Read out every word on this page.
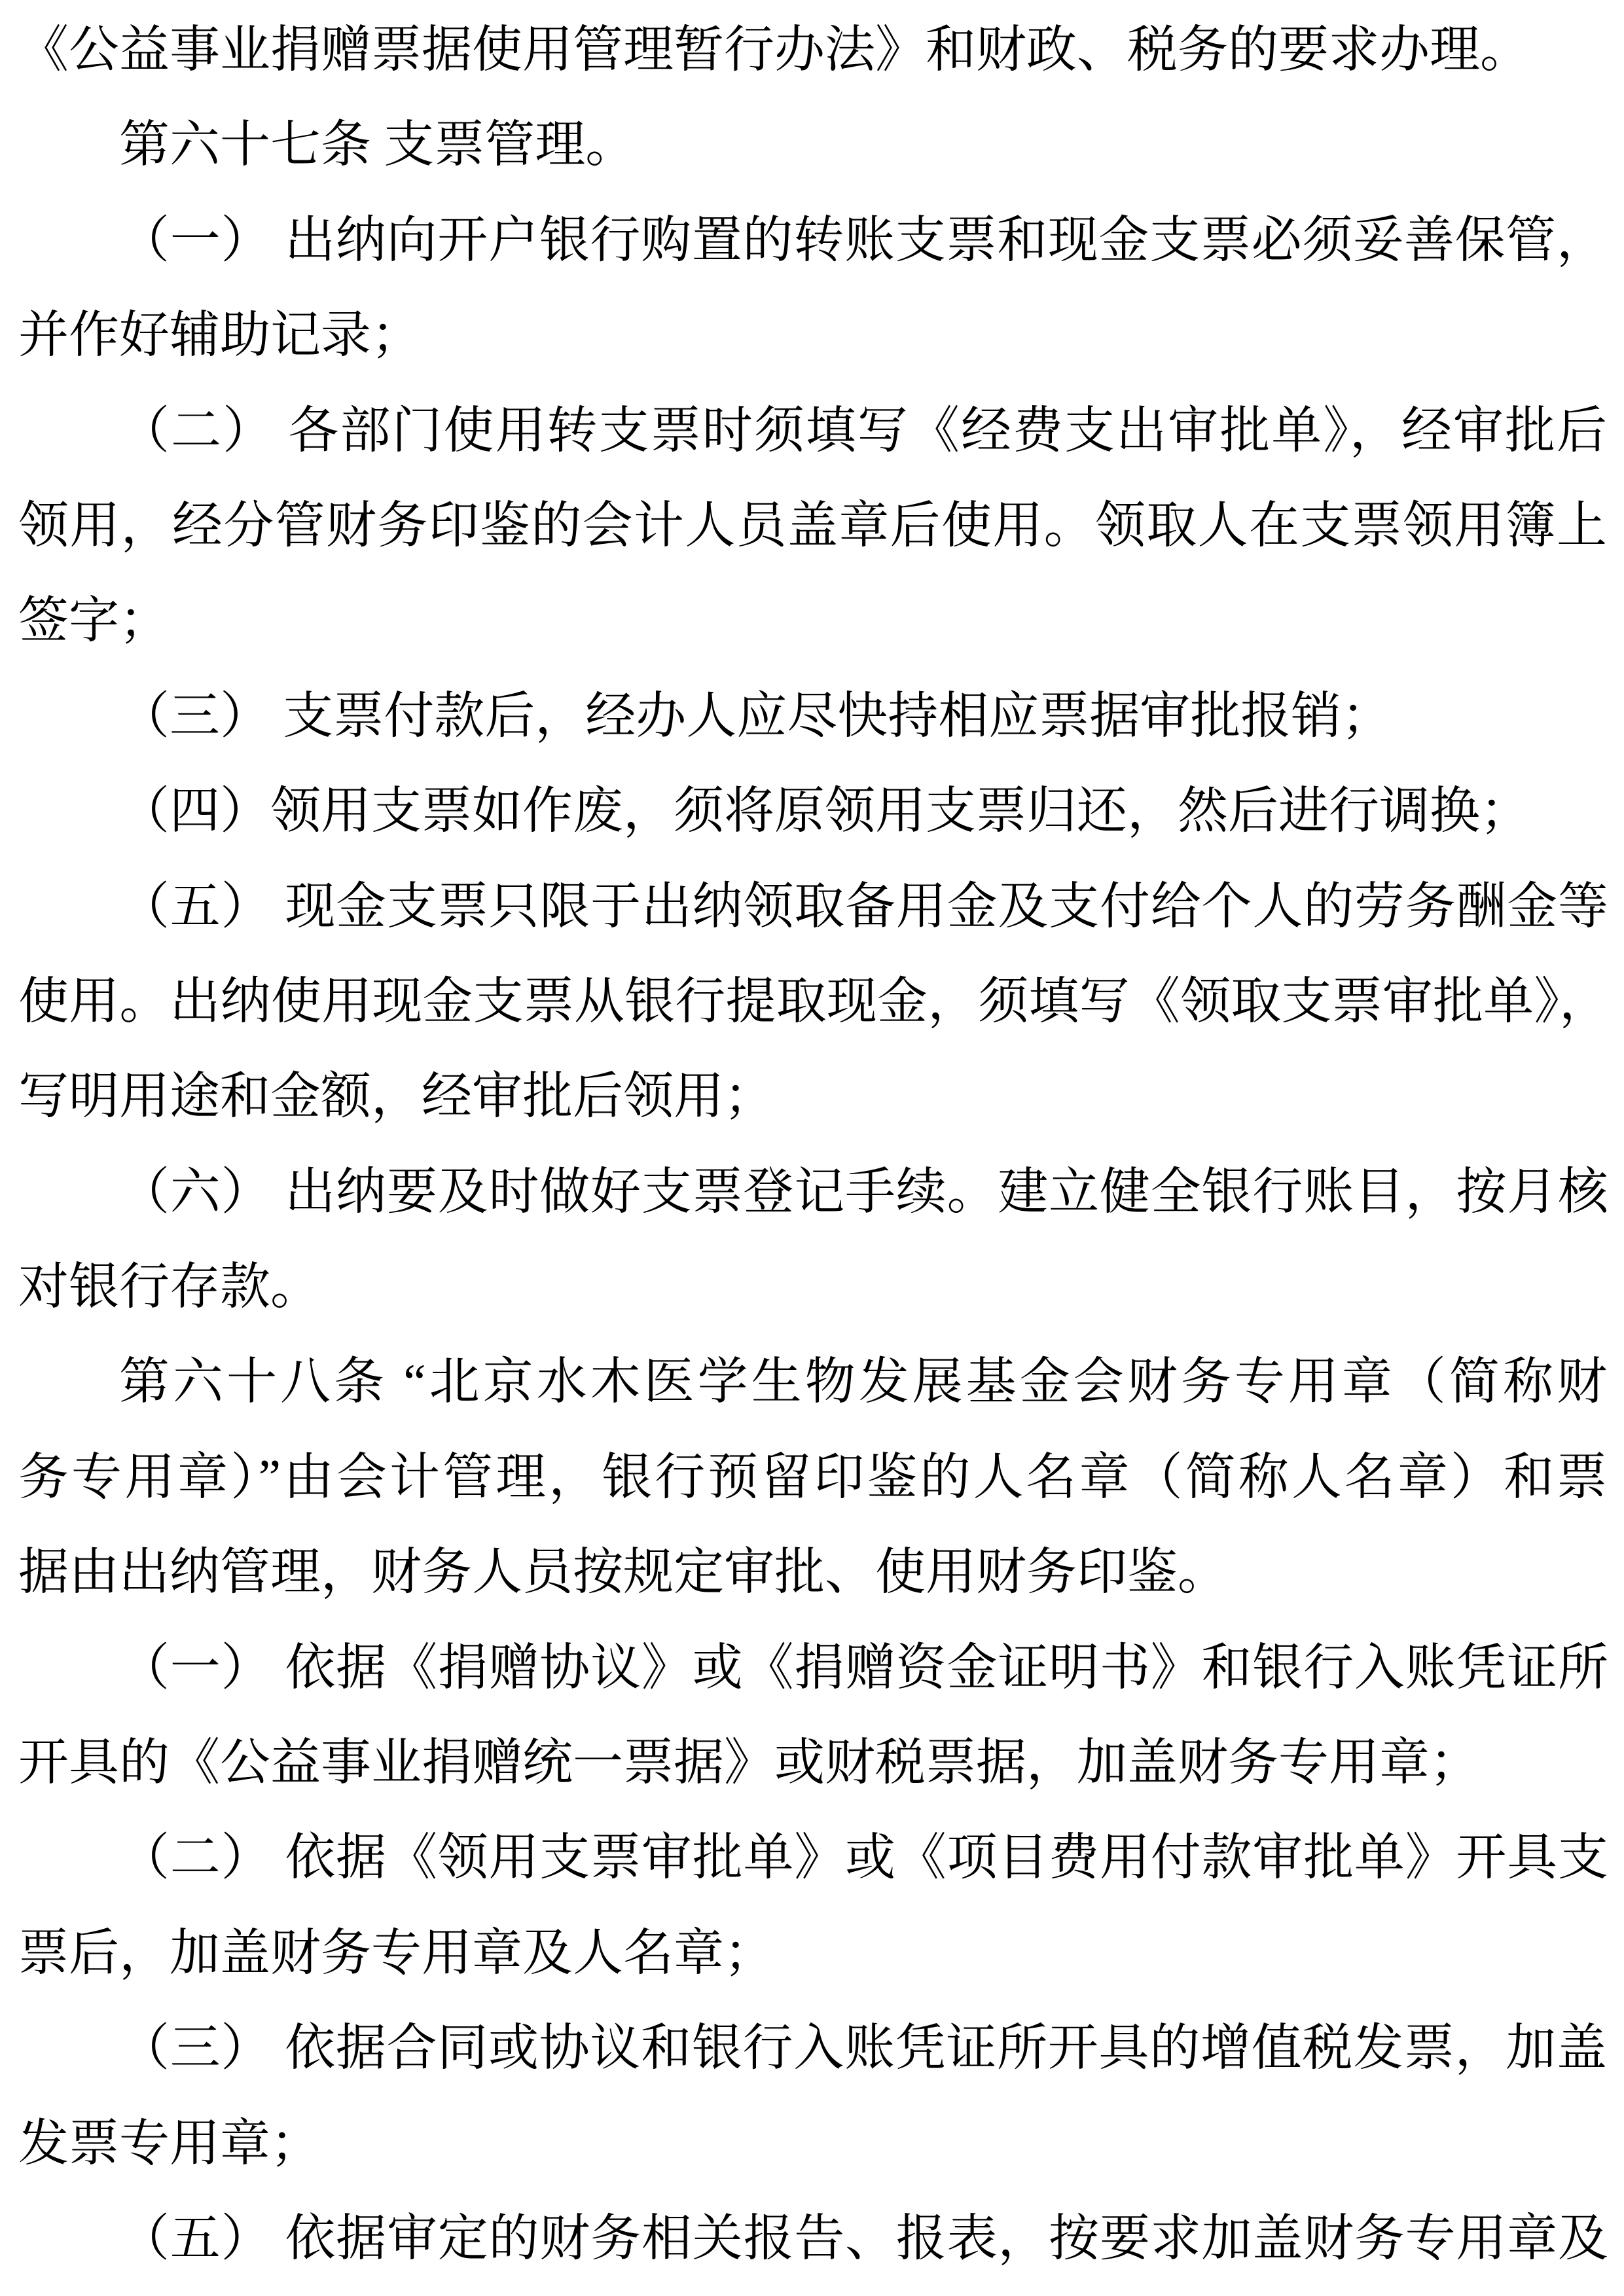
《公益事业捐赠票据使用管理暂行办法》和财政、税务的要求办理。
第六十七条 支票管理。
（一） 出纳向开户银行购置的转账支票和现金支票必须妥善保管，
并作好辅助记录；
（二） 各部门使用转支票时须填写《经费支出审批单》，经审批后
领用，经分管财务印鉴的会计人员盖章后使用。领取人在支票领用簿上
签字；
（三） 支票付款后，经办人应尽快持相应票据审批报销；
（四）领用支票如作废，须将原领用支票归还，然后进行调换；
（五） 现金支票只限于出纳领取备用金及支付给个人的劳务酬金等
使用。出纳使用现金支票从银行提取现金，须填写《领取支票审批单》，
写明用途和金额，经审批后领用；
（六） 出纳要及时做好支票登记手续。建立健全银行账目，按月核
对银行存款。
第六十八条 “北京水木医学生物发展基金会财务专用章（简称财
务专用章）”由会计管理，银行预留印鉴的人名章（简称人名章）和票
据由出纳管理，财务人员按规定审批、使用财务印鉴。
（一） 依据《捐赠协议》或《捐赠资金证明书》和银行入账凭证所
开具的《公益事业捐赠统一票据》或财税票据，加盖财务专用章；
（二） 依据《领用支票审批单》或《项目费用付款审批单》开具支
票后，加盖财务专用章及人名章；
（三） 依据合同或协议和银行入账凭证所开具的增值税发票，加盖
发票专用章；
（五） 依据审定的财务相关报告、报表，按要求加盖财务专用章及
